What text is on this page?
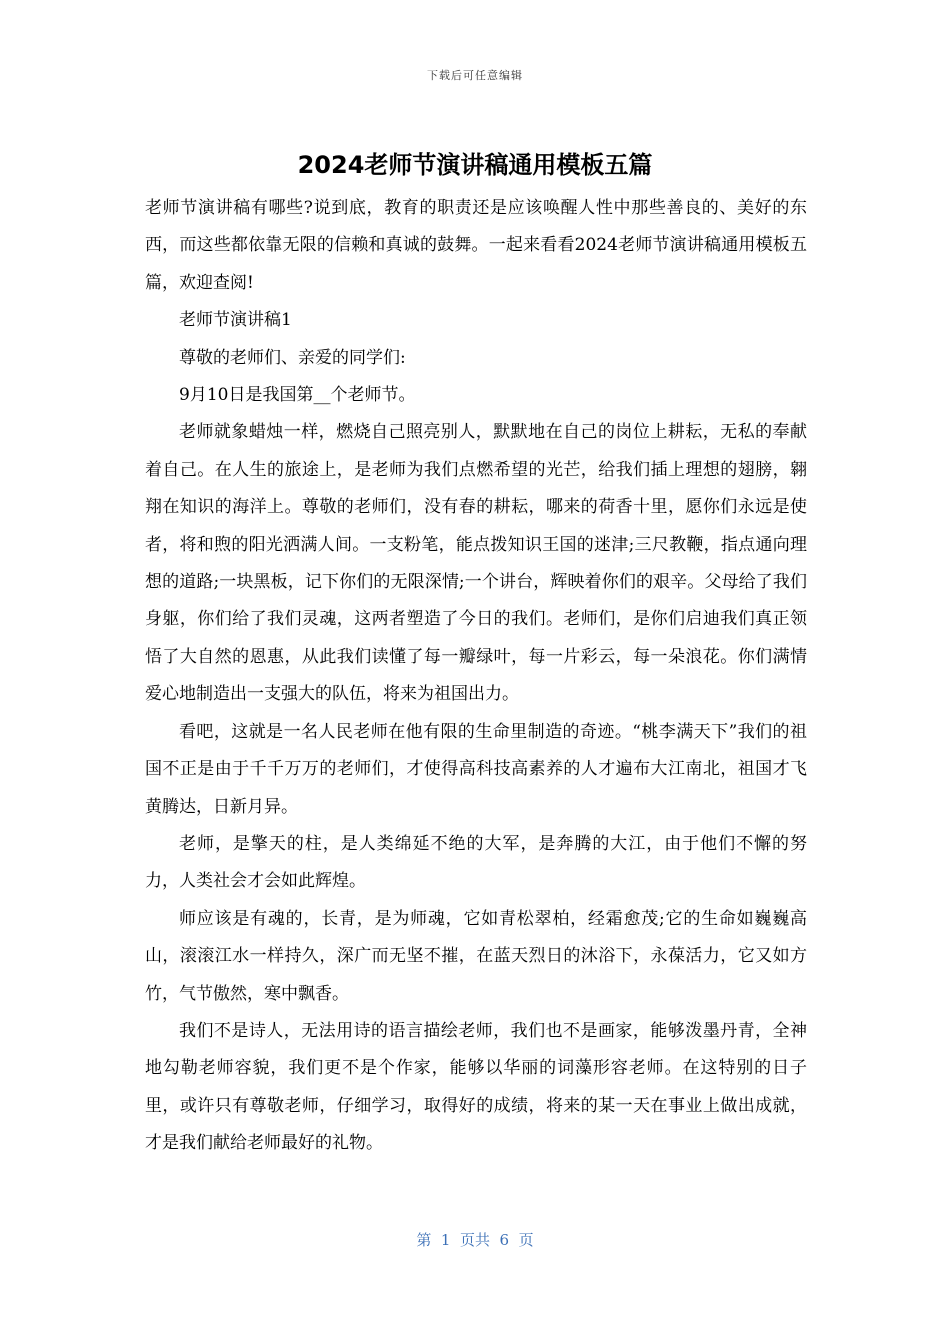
下载后可任意编辑
2024老师节演讲稿通用模板五篇

老师节演讲稿有哪些?说到底，教育的职责还是应该唤醒人性中那些善良的、美好的东西，而这些都依靠无限的信赖和真诚的鼓舞。一起来看看2024老师节演讲稿通用模板五篇，欢迎查阅!

老师节演讲稿1

尊敬的老师们、亲爱的同学们:

9月10日是我国第__个老师节。

老师就象蜡烛一样，燃烧自己照亮别人，默默地在自己的岗位上耕耘，无私的奉献着自己。在人生的旅途上，是老师为我们点燃希望的光芒，给我们插上理想的翅膀，翱翔在知识的海洋上。尊敬的老师们，没有春的耕耘，哪来的荷香十里，愿你们永远是使者，将和煦的阳光洒满人间。一支粉笔，能点拨知识王国的迷津;三尺教鞭，指点通向理想的道路;一块黑板，记下你们的无限深情;一个讲台，辉映着你们的艰辛。父母给了我们身躯，你们给了我们灵魂，这两者塑造了今日的我们。老师们，是你们启迪我们真正领悟了大自然的恩惠，从此我们读懂了每一瓣绿叶，每一片彩云，每一朵浪花。你们满情爱心地制造出一支强大的队伍，将来为祖国出力。

看吧，这就是一名人民老师在他有限的生命里制造的奇迹。“桃李满天下”我们的祖国不正是由于千千万万的老师们，才使得高科技高素养的人才遍布大江南北，祖国才飞黄腾达，日新月异。

老师，是擎天的柱，是人类绵延不绝的大军，是奔腾的大江，由于他们不懈的努力，人类社会才会如此辉煌。

师应该是有魂的，长青，是为师魂，它如青松翠柏，经霜愈茂;它的生命如巍巍高山，滚滚江水一样持久，深广而无坚不摧，在蓝天烈日的沐浴下，永葆活力，它又如方竹，气节傲然，寒中飘香。

我们不是诗人，无法用诗的语言描绘老师，我们也不是画家，能够泼墨丹青，全神地勾勒老师容貌，我们更不是个作家，能够以华丽的词藻形容老师。在这特别的日子里，或许只有尊敬老师，仔细学习，取得好的成绩，将来的某一天在事业上做出成就，才是我们献给老师最好的礼物。

第  1  页共  6  页
